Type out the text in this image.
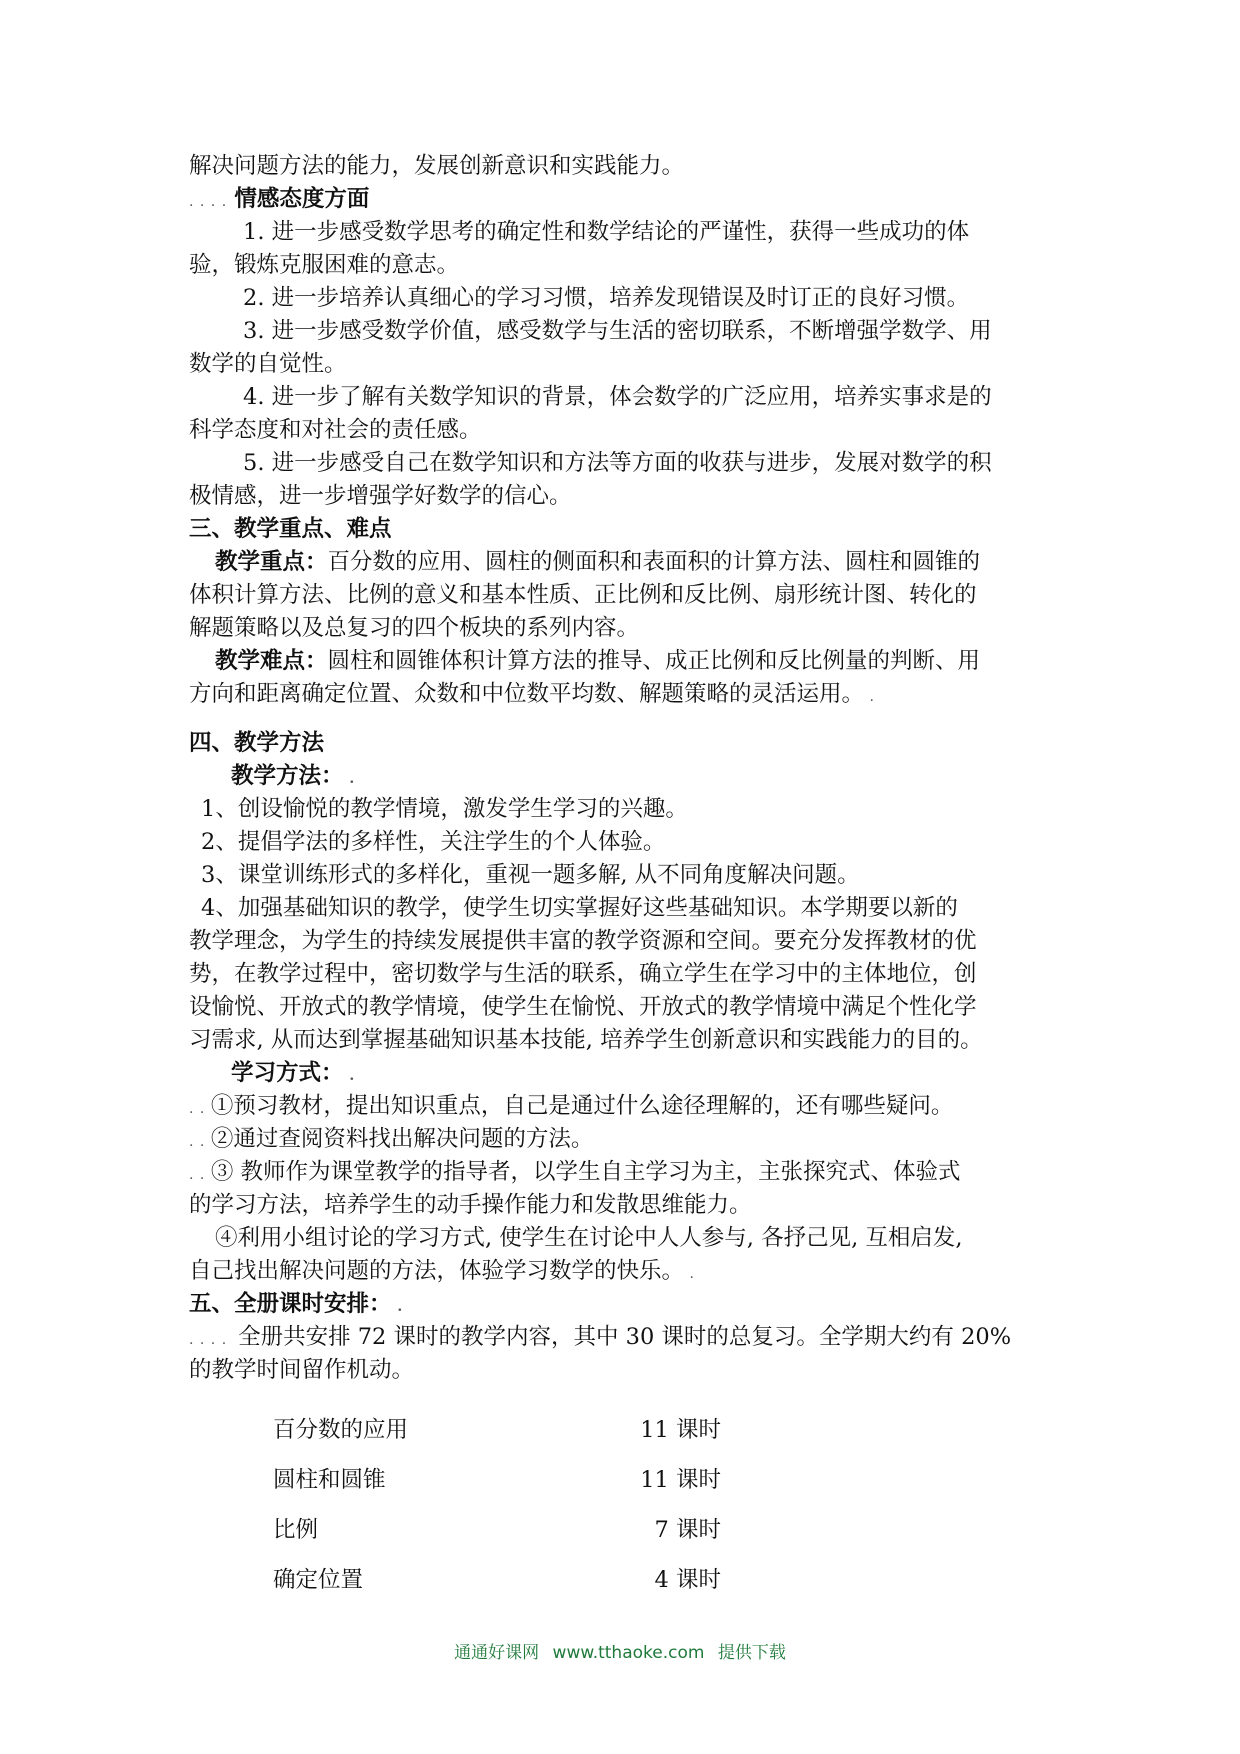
解决问题方法的能力，发展创新意识和实践能力。
. . . . 情感态度方面
1. 进一步感受数学思考的确定性和数学结论的严谨性，获得一些成功的体
验，锻炼克服困难的意志。
2. 进一步培养认真细心的学习习惯，培养发现错误及时订正的良好习惯。
3. 进一步感受数学价值，感受数学与生活的密切联系，不断增强学数学、用
数学的自觉性。
4. 进一步了解有关数学知识的背景，体会数学的广泛应用，培养实事求是的
科学态度和对社会的责任感。
5. 进一步感受自己在数学知识和方法等方面的收获与进步，发展对数学的积
极情感，进一步增强学好数学的信心。
三、教学重点、难点
教学重点：百分数的应用、圆柱的侧面积和表面积的计算方法、圆柱和圆锥的
体积计算方法、比例的意义和基本性质、正比例和反比例、扇形统计图、转化的
解题策略以及总复习的四个板块的系列内容。
教学难点：圆柱和圆锥体积计算方法的推导、成正比例和反比例量的判断、用
方向和距离确定位置、众数和中位数平均数、解题策略的灵活运用。 .
四、教学方法
教学方法： .
1、创设愉悦的教学情境，激发学生学习的兴趣。
2、提倡学法的多样性，关注学生的个人体验。
3、课堂训练形式的多样化，重视一题多解, 从不同角度解决问题。
4、加强基础知识的教学，使学生切实掌握好这些基础知识。本学期要以新的
教学理念，为学生的持续发展提供丰富的教学资源和空间。要充分发挥教材的优
势，在教学过程中，密切数学与生活的联系，确立学生在学习中的主体地位，创
设愉悦、开放式的教学情境，使学生在愉悦、开放式的教学情境中满足个性化学
习需求, 从而达到掌握基础知识基本技能, 培养学生创新意识和实践能力的目的。
学习方式： .
. . ①预习教材，提出知识重点，自己是通过什么途径理解的，还有哪些疑问。
. . ②通过查阅资料找出解决问题的方法。
. . ③ 教师作为课堂教学的指导者，以学生自主学习为主，主张探究式、体验式
的学习方法，培养学生的动手操作能力和发散思维能力。
④利用小组讨论的学习方式, 使学生在讨论中人人参与, 各抒己见, 互相启发,
自己找出解决问题的方法，体验学习数学的快乐。 .
五、全册课时安排： .
. . . .  全册共安排 72 课时的教学内容，其中 30 课时的总复习。全学期大约有 20%
的教学时间留作机动。
百分数的应用	11 课时
圆柱和圆锥	11 课时
比例	7 课时
确定位置	4 课时
通通好课网 www.tthaoke.com 提供下载
